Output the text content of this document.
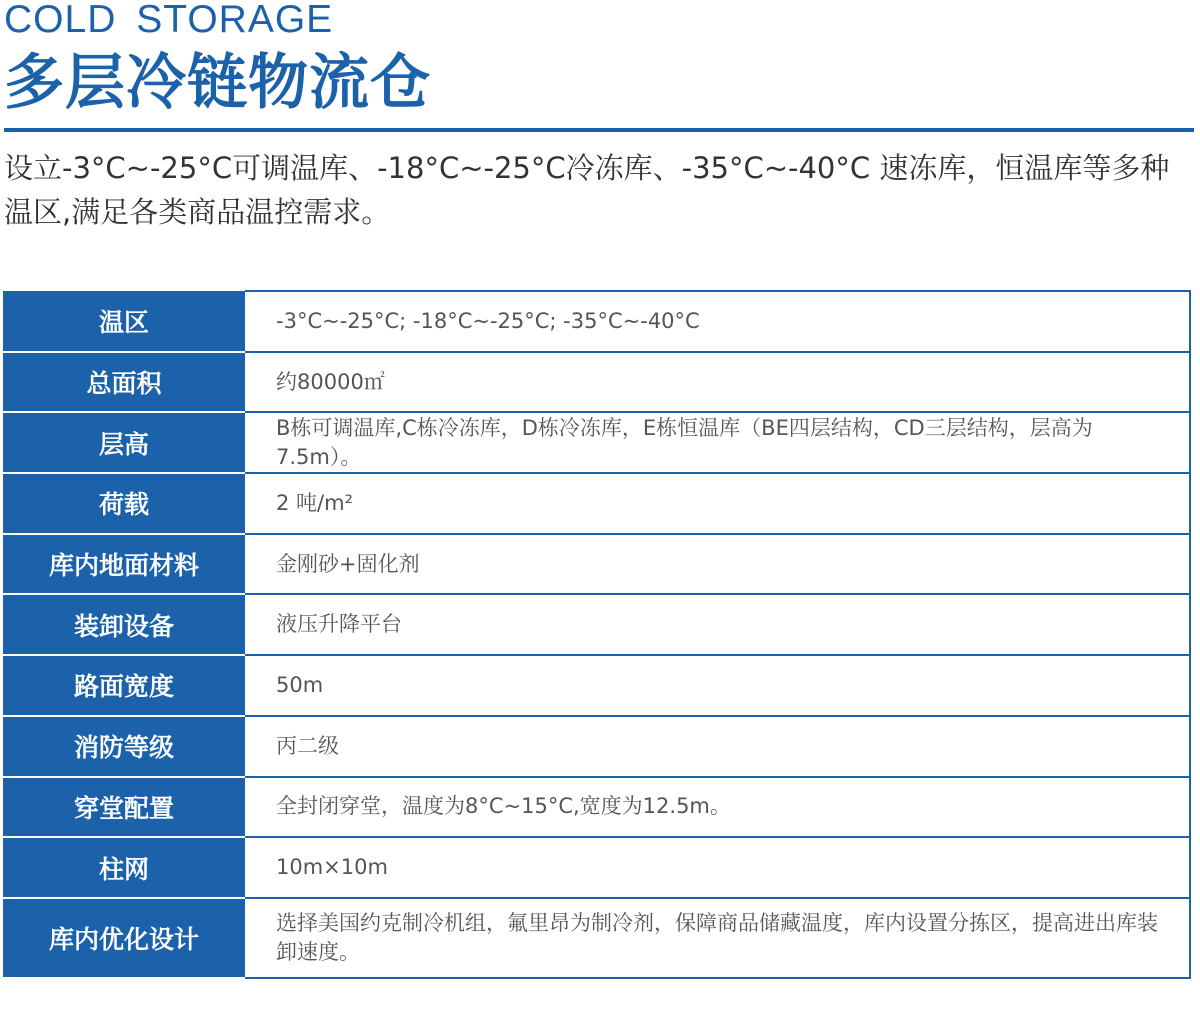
COLD STORAGE
多层冷链物流仓
设立-3°C~-25°C可调温库、-18°C~-25°C冷冻库、-35°C~-40°C 速冻库，恒温库等多种温区,满足各类商品温控需求。
温区	-3°C~-25°C; -18°C~-25°C; -35°C~-40°C
总面积	约80000㎡
层高	B栋可调温库,C栋冷冻库，D栋冷冻库，E栋恒温库（BE四层结构，CD三层结构，层高为7.5m）。
荷载	2 吨/m²
库内地面材料	金刚砂+固化剂
装卸设备	液压升降平台
路面宽度	50m
消防等级	丙二级
穿堂配置	全封闭穿堂，温度为8°C~15°C,宽度为12.5m。
柱网	10m×10m
库内优化设计	选择美国约克制冷机组，氟里昂为制冷剂，保障商品储藏温度，库内设置分拣区，提高进出库装卸速度。
